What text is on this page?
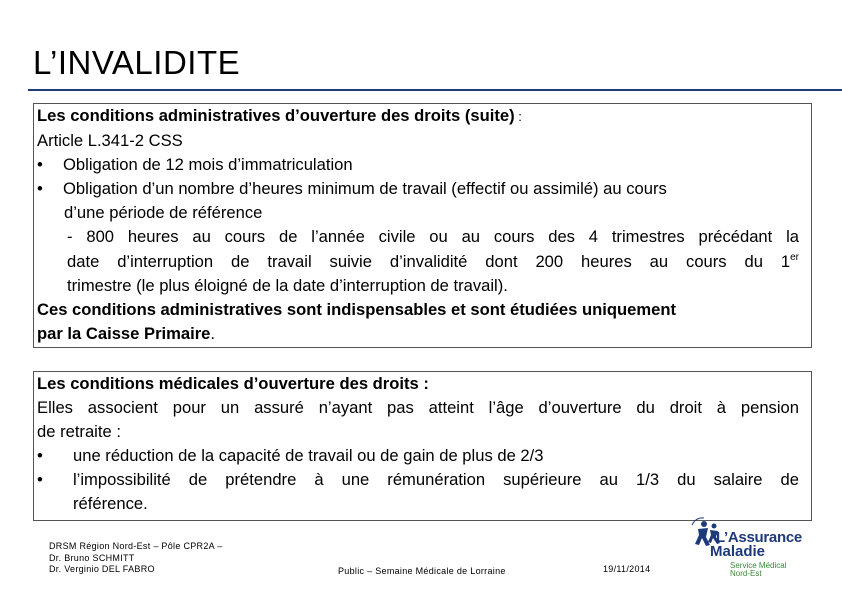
L’INVALIDITE
Les conditions administratives d’ouverture des droits (suite) :
Article L.341-2 CSS
•	Obligation de 12 mois d’immatriculation
•	Obligation d’un nombre d’heures minimum de travail (effectif ou assimilé) au cours
d’une période de référence
- 800 heures au cours de l’année civile ou au cours des 4 trimestres précédant la
date d’interruption de travail suivie d’invalidité dont 200 heures au cours du 1er
trimestre (le plus éloigné de la date d’interruption de travail).
Ces conditions administratives sont indispensables et sont étudiées uniquement
par la Caisse Primaire.
Les conditions médicales d’ouverture des droits :
Elles associent pour un assuré n’ayant pas atteint l’âge d’ouverture du droit à pension
de retraite :
•	une réduction de la capacité de travail ou de gain de plus de 2/3
•	l’impossibilité de prétendre à une rémunération supérieure au 1/3 du salaire de
référence.
DRSM Région Nord-Est – Pôle CPR2A –
Dr. Bruno SCHMITT
Dr. Verginio DEL FABRO	Public – Semaine Médicale de Lorraine	19/11/2014
L’Assurance
Maladie
Service Médical
Nord-Est
